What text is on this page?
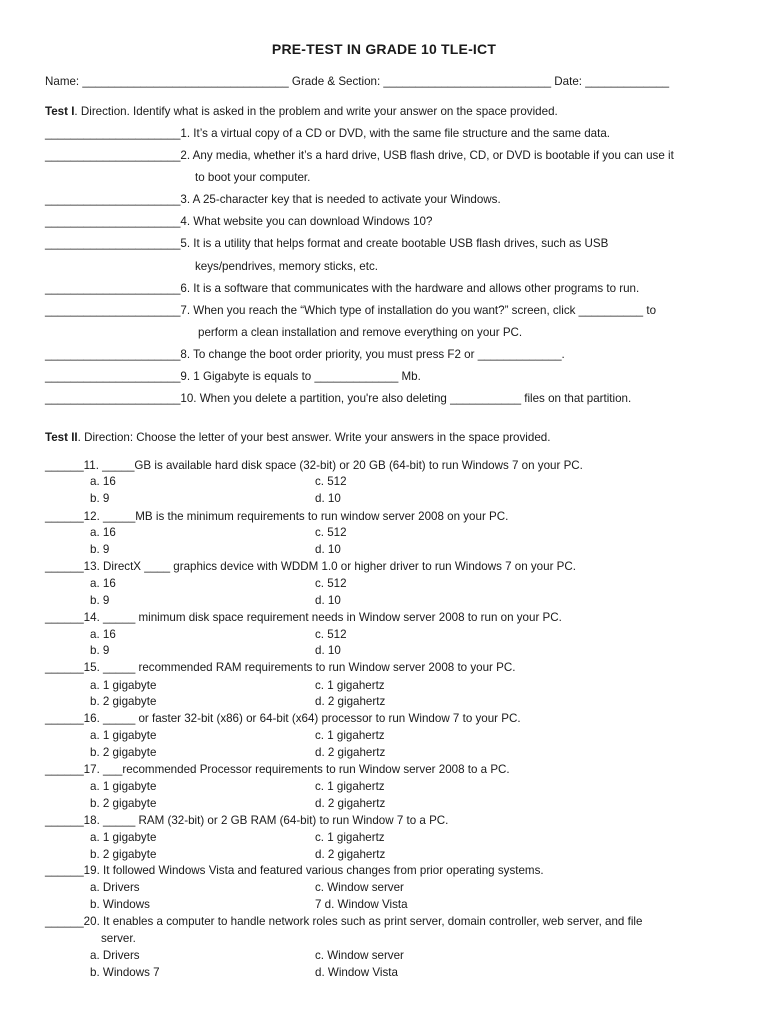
PRE-TEST IN GRADE 10 TLE-ICT
Name: ________________________________ Grade & Section: __________________________ Date: _____________
Test I. Direction. Identify what is asked in the problem and write your answer on the space provided.
_____________________1. It’s a virtual copy of a CD or DVD, with the same file structure and the same data.
_____________________2. Any media, whether it’s a hard drive, USB flash drive, CD, or DVD is bootable if you can use it
to boot your computer.
_____________________3. A 25-character key that is needed to activate your Windows.
_____________________4. What website you can download Windows 10?
_____________________5. It is a utility that helps format and create bootable USB flash drives, such as USB
keys/pendrives, memory sticks, etc.
_____________________6. It is a software that communicates with the hardware and allows other programs to run.
_____________________7. When you reach the “Which type of installation do you want?” screen, click __________ to
perform a clean installation and remove everything on your PC.
_____________________8. To change the boot order priority, you must press F2 or _____________.
_____________________9. 1 Gigabyte is equals to _____________ Mb.
_____________________10. When you delete a partition, you're also deleting ___________ files on that partition.
Test II. Direction: Choose the letter of your best answer. Write your answers in the space provided.
______11. _____GB is available hard disk space (32-bit) or 20 GB (64-bit) to run Windows 7 on your PC.
a. 16	c. 512
b. 9	d. 10
______12. _____MB is the minimum requirements to run window server 2008 on your PC.
a. 16	c. 512
b. 9	d. 10
______13. DirectX ____ graphics device with WDDM 1.0 or higher driver to run Windows 7 on your PC.
a. 16	c. 512
b. 9	d. 10
______14. _____ minimum disk space requirement needs in Window server 2008 to run on your PC.
a. 16	c. 512
b. 9	d. 10
______15. _____ recommended RAM requirements to run Window server 2008 to your PC.
a. 1 gigabyte	c. 1 gigahertz
b. 2 gigabyte	d. 2 gigahertz
______16. _____ or faster 32-bit (x86) or 64-bit (x64) processor to run Window 7 to your PC.
a. 1 gigabyte	c. 1 gigahertz
b. 2 gigabyte	d. 2 gigahertz
______17. ___recommended Processor requirements to run Window server 2008 to a PC.
a. 1 gigabyte	c. 1 gigahertz
b. 2 gigabyte	d. 2 gigahertz
______18. _____ RAM (32-bit) or 2 GB RAM (64-bit) to run Window 7 to a PC.
a. 1 gigabyte	c. 1 gigahertz
b. 2 gigabyte	d. 2 gigahertz
______19. It followed Windows Vista and featured various changes from prior operating systems.
a. Drivers	c. Window server
b. Windows	7 d. Window Vista
______20. It enables a computer to handle network roles such as print server, domain controller, web server, and file
server.
a. Drivers	c. Window server
b. Windows 7	d. Window Vista
